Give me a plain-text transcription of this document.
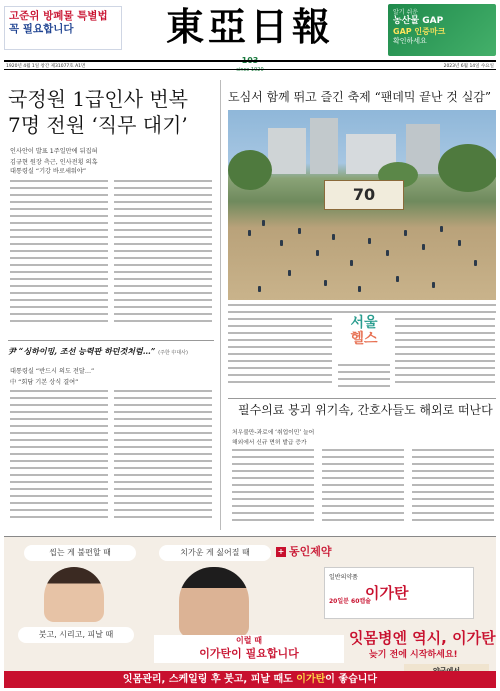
고준위 방폐물 특별법
꼭 필요합니다	東亞日報
103
since 1920
알기 쉬운
농산물 GAP
GAP 인증마크
확인하세요
1920년 4월 1일 창간 제31077호 A1면	2023년 6월 14일 수요일
국정원 1급인사 번복
7명 전원 ‘직무 대기’
인사안이 발표 1주일만에 뒤집혀
김규현 원장 측근, 인사전횡 의혹
대통령실 “기강 바로세워야”
도심서 함께 뛰고 즐긴 축제 “팬데믹 끝난 것 실감”
70
서울
헬스
尹 “싱하이밍, 조선 능력판 하던것처럼…” (주한 中대사)
대통령실 “반드시 의도 전달…”
中 “회담 기본 상식 결여”
필수의료 붕괴 위기속, 간호사들도 해외로 떠난다
처우불만-과로에 ‘취업이민’ 늘어
해외에서 신규 면허 발급 증가
씹는 게 불편할 때	치가운 게 싫어질 때
붓고, 시리고, 피날 때
+ 동인제약
일반의약품
이가탄
20일분 60캡슐
이럴 때
이가탄이 필요합니다
잇몸병엔 역시, 이가탄
늦기 전에 시작하세요!
잇몸관리, 스케일링 후 붓고, 피날 때도 이가탄이 좋습니다
